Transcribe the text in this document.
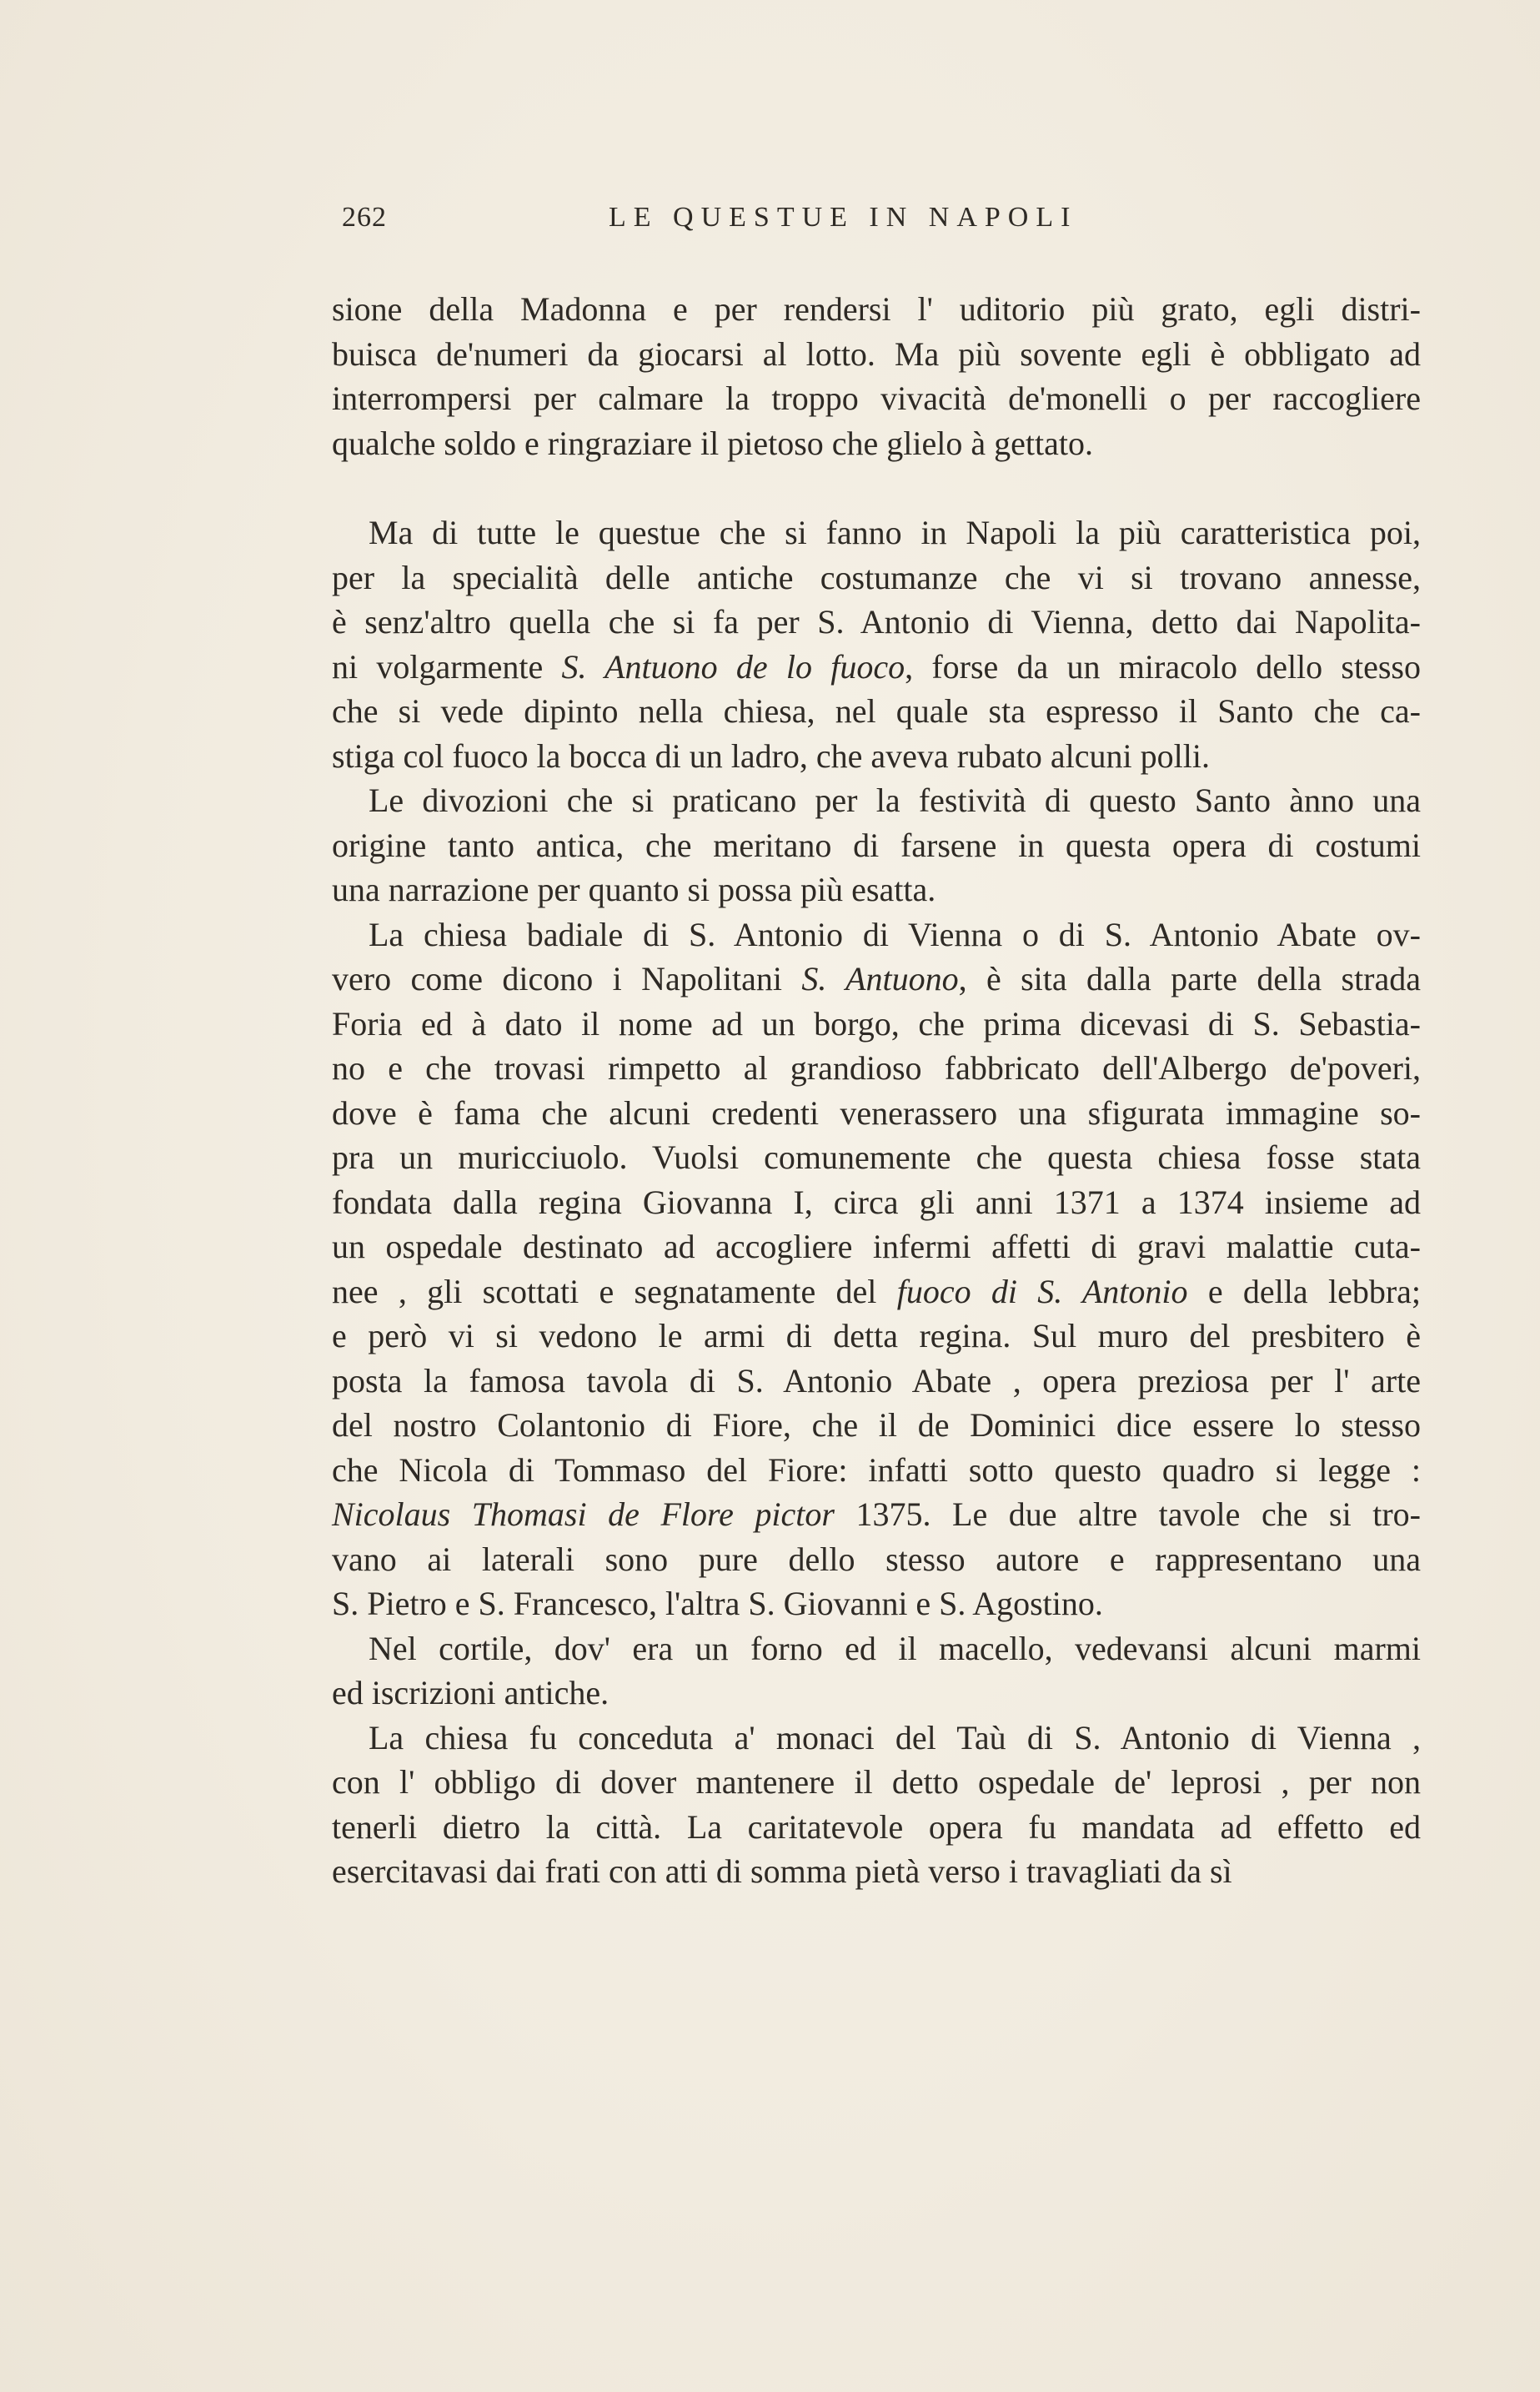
262	LE QUESTUE IN NAPOLI
sione della Madonna e per rendersi l' uditorio più grato, egli distri-
buisca de'numeri da giocarsi al lotto. Ma più sovente egli è obbligato ad
interrompersi per calmare la troppo vivacità de'monelli o per raccogliere
qualche soldo e ringraziare il pietoso che glielo à gettato.
Ma di tutte le questue che si fanno in Napoli la più caratteristica poi,
per la specialità delle antiche costumanze che vi si trovano annesse,
è senz'altro quella che si fa per S. Antonio di Vienna, detto dai Napolita-
ni volgarmente S. Antuono de lo fuoco, forse da un miracolo dello stesso
che si vede dipinto nella chiesa, nel quale sta espresso il Santo che ca-
stiga col fuoco la bocca di un ladro, che aveva rubato alcuni polli.
Le divozioni che si praticano per la festività di questo Santo ànno una
origine tanto antica, che meritano di farsene in questa opera di costumi
una narrazione per quanto si possa più esatta.
La chiesa badiale di S. Antonio di Vienna o di S. Antonio Abate ov-
vero come dicono i Napolitani S. Antuono, è sita dalla parte della strada
Foria ed à dato il nome ad un borgo, che prima dicevasi di S. Sebastia-
no e che trovasi rimpetto al grandioso fabbricato dell'Albergo de'poveri,
dove è fama che alcuni credenti venerassero una sfigurata immagine so-
pra un muricciuolo. Vuolsi comunemente che questa chiesa fosse stata
fondata dalla regina Giovanna I, circa gli anni 1371 a 1374 insieme ad
un ospedale destinato ad accogliere infermi affetti di gravi malattie cuta-
nee , gli scottati e segnatamente del fuoco di S. Antonio e della lebbra;
e però vi si vedono le armi di detta regina. Sul muro del presbitero è
posta la famosa tavola di S. Antonio Abate , opera preziosa per l' arte
del nostro Colantonio di Fiore, che il de Dominici dice essere lo stesso
che Nicola di Tommaso del Fiore: infatti sotto questo quadro si legge :
Nicolaus Thomasi de Flore pictor 1375. Le due altre tavole che si tro-
vano ai laterali sono pure dello stesso autore e rappresentano una
S. Pietro e S. Francesco, l'altra S. Giovanni e S. Agostino.
Nel cortile, dov' era un forno ed il macello, vedevansi alcuni marmi
ed iscrizioni antiche.
La chiesa fu conceduta a' monaci del Taù di S. Antonio di Vienna ,
con l' obbligo di dover mantenere il detto ospedale de' leprosi , per non
tenerli dietro la città. La caritatevole opera fu mandata ad effetto ed
esercitavasi dai frati con atti di somma pietà verso i travagliati da sì
